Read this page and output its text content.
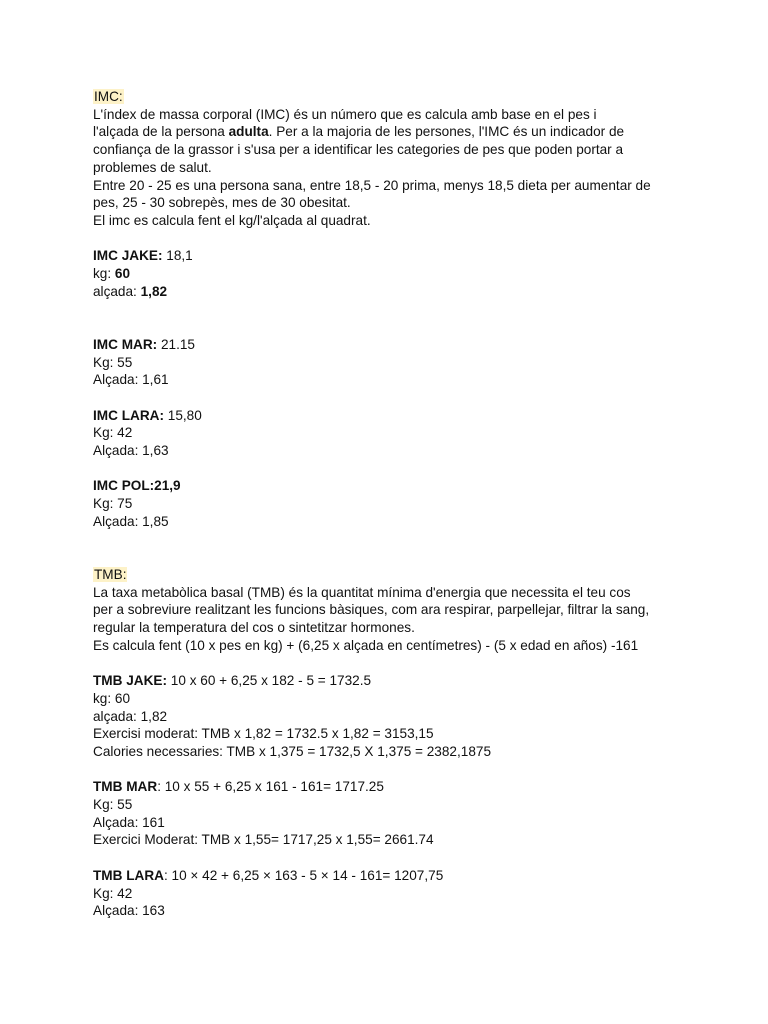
IMC:
L'índex de massa corporal (IMC) és un número que es calcula amb base en el pes i
l'alçada de la persona adulta. Per a la majoria de les persones, l'IMC és un indicador de
confiança de la grassor i s'usa per a identificar les categories de pes que poden portar a
problemes de salut.
Entre 20 - 25 es una persona sana, entre 18,5 - 20 prima, menys 18,5 dieta per aumentar de
pes, 25 - 30 sobrepès, mes de 30 obesitat.
El imc es calcula fent el kg/l'alçada al quadrat.
IMC JAKE: 18,1
kg: 60
alçada: 1,82
IMC MAR: 21.15
Kg: 55
Alçada: 1,61
IMC LARA: 15,80
Kg: 42
Alçada: 1,63
IMC POL:21,9
Kg: 75
Alçada: 1,85
TMB:
La taxa metabòlica basal (TMB) és la quantitat mínima d'energia que necessita el teu cos
per a sobreviure realitzant les funcions bàsiques, com ara respirar, parpellejar, filtrar la sang,
regular la temperatura del cos o sintetitzar hormones.
Es calcula fent (10 x pes en kg) + (6,25 x alçada en centímetres) - (5 x edad en años) -161
TMB JAKE: 10 x 60 + 6,25 x 182 - 5 = 1732.5
kg: 60
alçada: 1,82
Exercisi moderat: TMB x 1,82 = 1732.5 x 1,82 = 3153,15
Calories necessaries: TMB x 1,375 = 1732,5 X 1,375 = 2382,1875
TMB MAR: 10 x 55 + 6,25 x 161 - 161= 1717.25
Kg: 55
Alçada: 161
Exercici Moderat: TMB x 1,55= 1717,25 x 1,55= 2661.74
TMB LARA: 10 × 42 + 6,25 × 163 - 5 × 14 - 161= 1207,75
Kg: 42
Alçada: 163
